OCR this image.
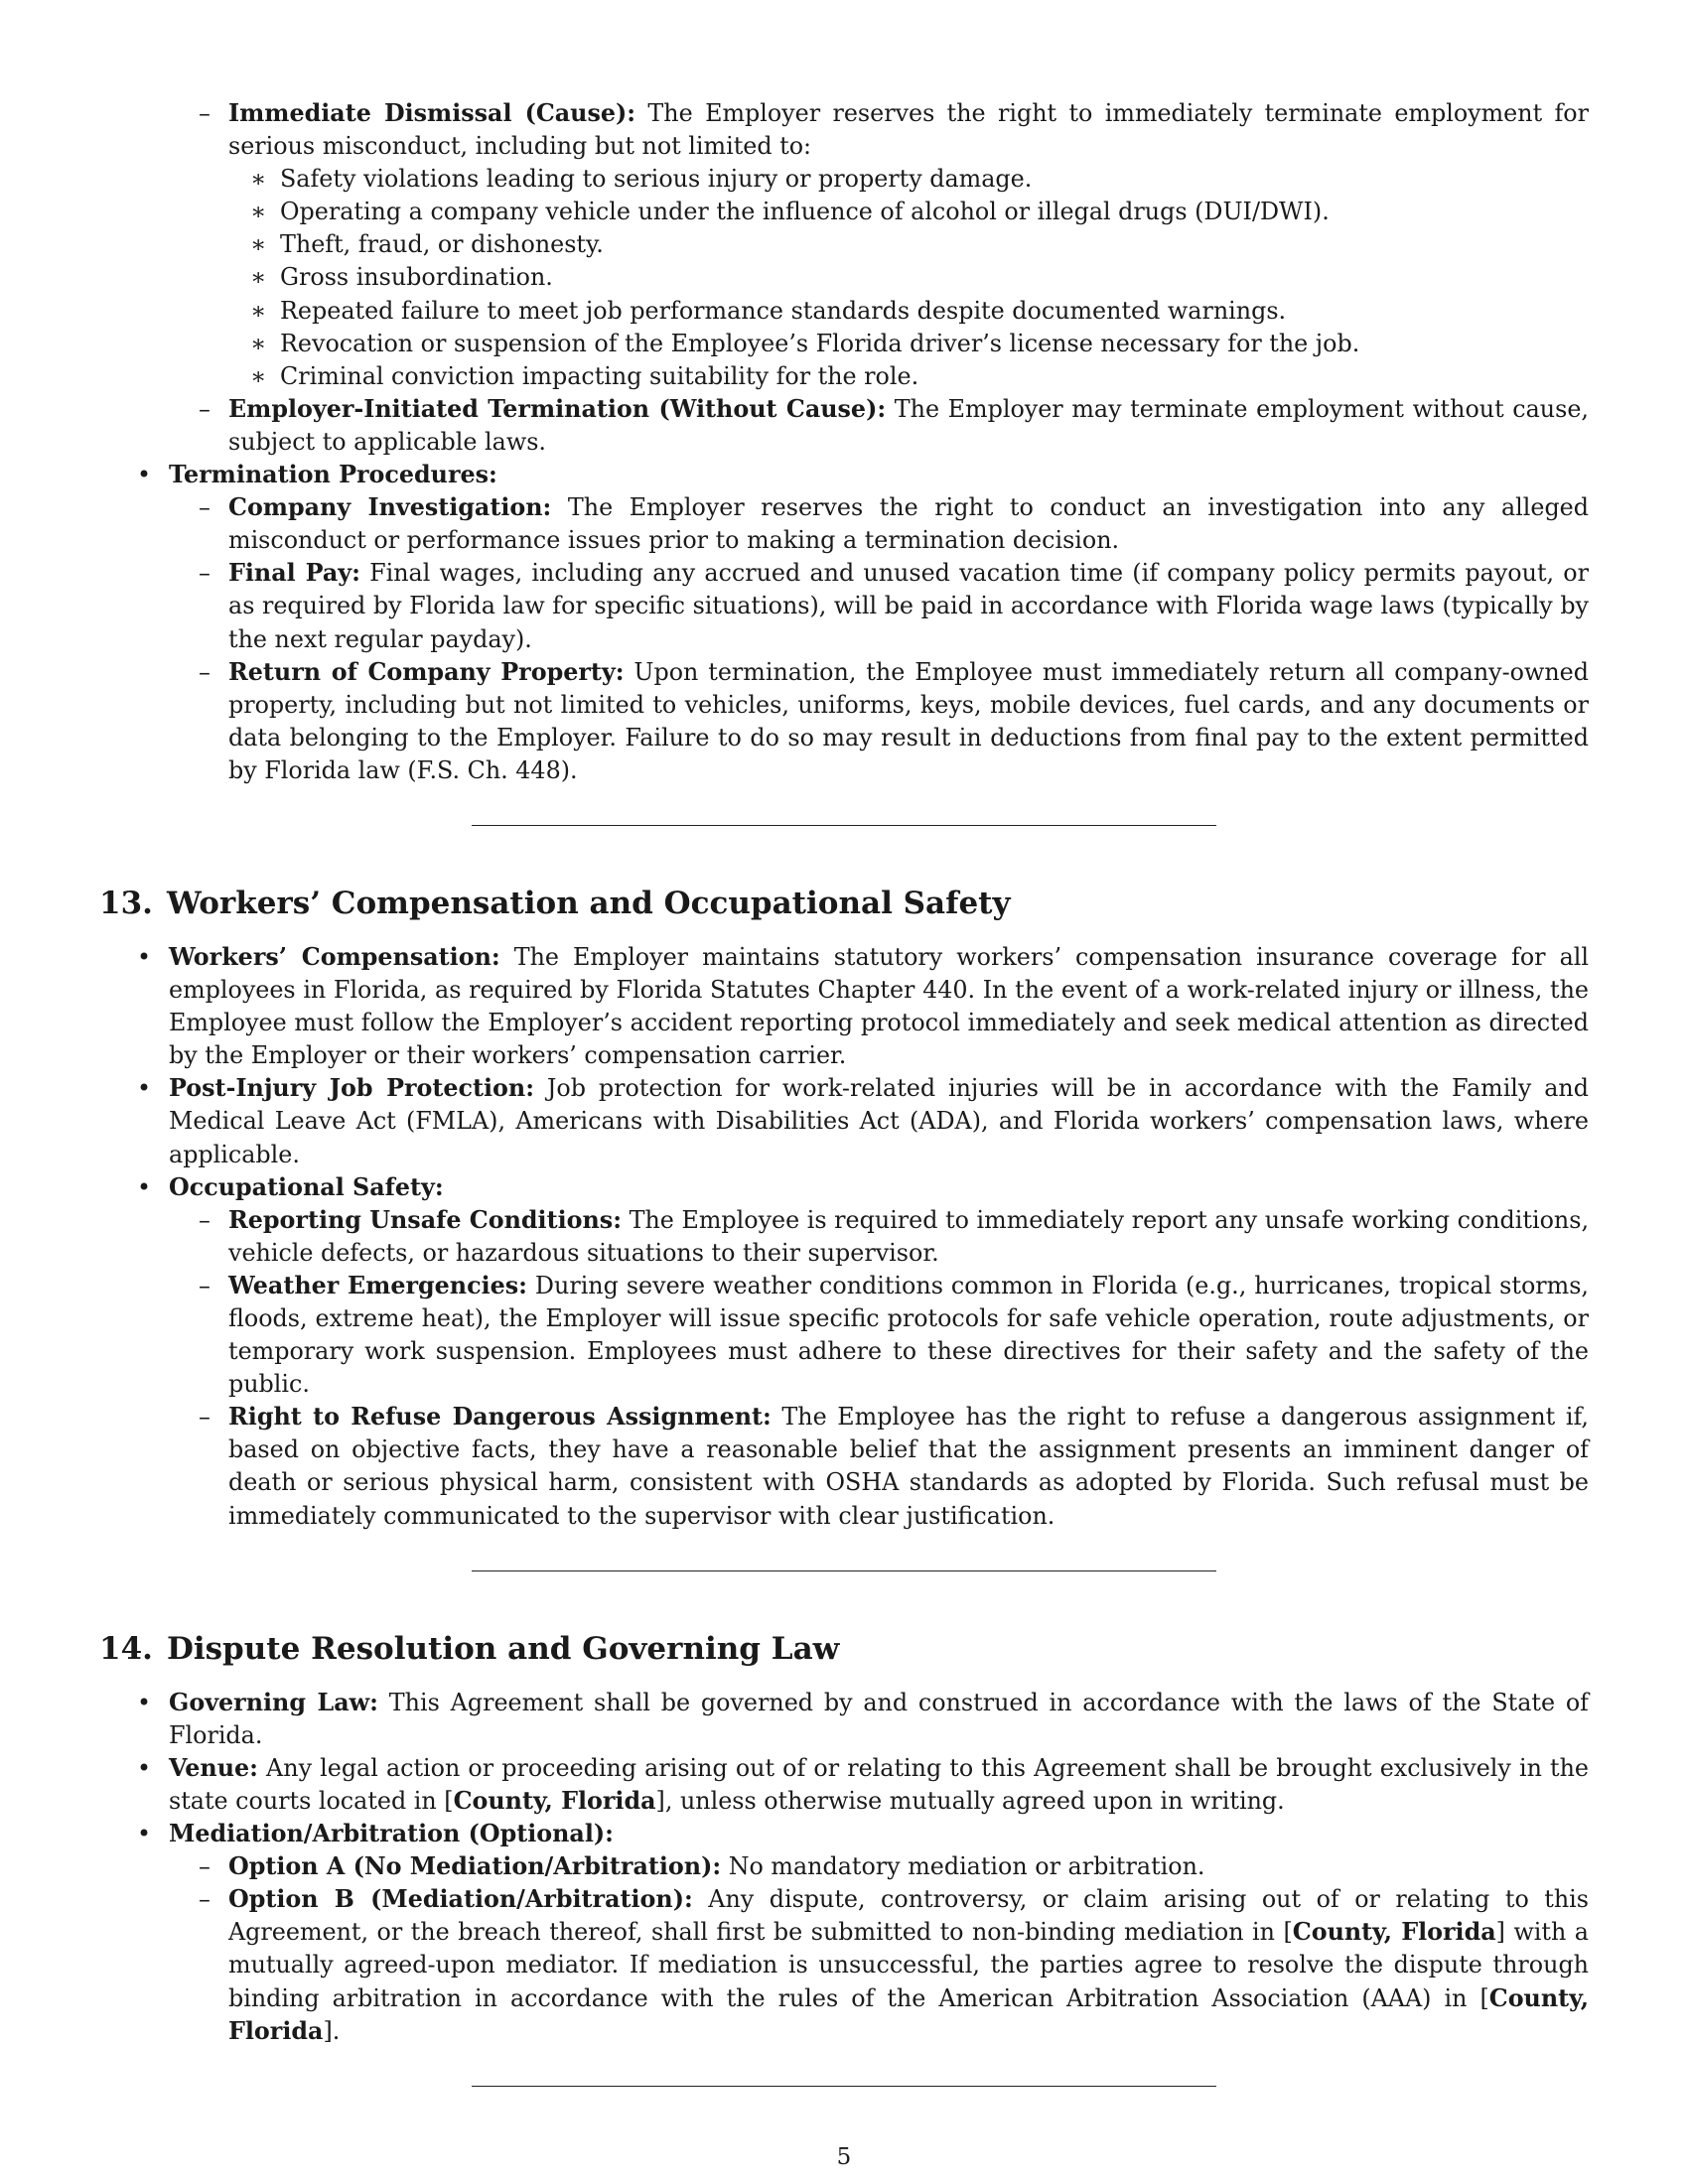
– Immediate Dismissal (Cause): The Employer reserves the right to immediately terminate employment for serious misconduct, including but not limited to:
∗ Safety violations leading to serious injury or property damage.
∗ Operating a company vehicle under the influence of alcohol or illegal drugs (DUI/DWI).
∗ Theft, fraud, or dishonesty.
∗ Gross insubordination.
∗ Repeated failure to meet job performance standards despite documented warnings.
∗ Revocation or suspension of the Employee’s Florida driver’s license necessary for the job.
∗ Criminal conviction impacting suitability for the role.
– Employer-Initiated Termination (Without Cause): The Employer may terminate employment without cause, subject to applicable laws.
• Termination Procedures:
– Company Investigation: The Employer reserves the right to conduct an investigation into any alleged misconduct or performance issues prior to making a termination decision.
– Final Pay: Final wages, including any accrued and unused vacation time (if company policy permits payout, or as required by Florida law for specific situations), will be paid in accordance with Florida wage laws (typically by the next regular payday).
– Return of Company Property: Upon termination, the Employee must immediately return all company-owned property, including but not limited to vehicles, uniforms, keys, mobile devices, fuel cards, and any documents or data belonging to the Employer. Failure to do so may result in deductions from final pay to the extent permitted by Florida law (F.S. Ch. 448).
13. Workers’ Compensation and Occupational Safety
• Workers’ Compensation: The Employer maintains statutory workers’ compensation insurance coverage for all employees in Florida, as required by Florida Statutes Chapter 440. In the event of a work-related injury or illness, the Employee must follow the Employer’s accident reporting protocol immediately and seek medical attention as directed by the Employer or their workers’ compensation carrier.
• Post-Injury Job Protection: Job protection for work-related injuries will be in accordance with the Family and Medical Leave Act (FMLA), Americans with Disabilities Act (ADA), and Florida workers’ compensation laws, where applicable.
• Occupational Safety:
– Reporting Unsafe Conditions: The Employee is required to immediately report any unsafe working conditions, vehicle defects, or hazardous situations to their supervisor.
– Weather Emergencies: During severe weather conditions common in Florida (e.g., hurricanes, tropical storms, floods, extreme heat), the Employer will issue specific protocols for safe vehicle operation, route adjustments, or temporary work suspension. Employees must adhere to these directives for their safety and the safety of the public.
– Right to Refuse Dangerous Assignment: The Employee has the right to refuse a dangerous assignment if, based on objective facts, they have a reasonable belief that the assignment presents an imminent danger of death or serious physical harm, consistent with OSHA standards as adopted by Florida. Such refusal must be immediately communicated to the supervisor with clear justification.
14. Dispute Resolution and Governing Law
• Governing Law: This Agreement shall be governed by and construed in accordance with the laws of the State of Florida.
• Venue: Any legal action or proceeding arising out of or relating to this Agreement shall be brought exclusively in the state courts located in [County, Florida], unless otherwise mutually agreed upon in writing.
• Mediation/Arbitration (Optional):
– Option A (No Mediation/Arbitration): No mandatory mediation or arbitration.
– Option B (Mediation/Arbitration): Any dispute, controversy, or claim arising out of or relating to this Agreement, or the breach thereof, shall first be submitted to non-binding mediation in [County, Florida] with a mutually agreed-upon mediator. If mediation is unsuccessful, the parties agree to resolve the dispute through binding arbitration in accordance with the rules of the American Arbitration Association (AAA) in [County, Florida].
5
